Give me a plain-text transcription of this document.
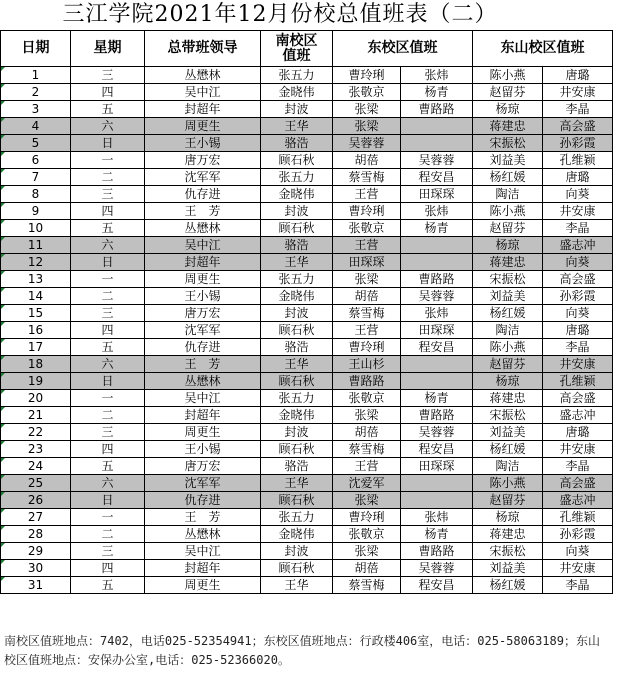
三江学院2021年12月份校总值班表（二）
日期	星期	总带班领导	南校区
值班	东校区值班		东山校区值班	
1	三	丛懋林	张五力	曹玲琍	张炜	陈小燕	唐璐
2	四	吴中江	金晓伟	张敬京	杨青	赵留芬	井安康
3	五	封超年	封波	张梁	曹路路	杨琼	李晶
4	六	周更生	王华	张梁		蒋建忠	高会盛
5	日	王小锡	骆浩	吴蓉蓉		宋振松	孙彩霞
6	一	唐万宏	顾石秋	胡蓓	吴蓉蓉	刘益美	孔维颖
7	二	沈军军	张五力	蔡雪梅	程安昌	杨红媛	唐璐
8	三	仇存进	金晓伟	王营	田琛琛	陶洁	向葵
9	四	王　芳	封波	曹玲琍	张炜	陈小燕	井安康
10	五	丛懋林	顾石秋	张敬京	杨青	赵留芬	李晶
11	六	吴中江	骆浩	王营		杨琼	盛志冲
12	日	封超年	王华	田琛琛		蒋建忠	向葵
13	一	周更生	张五力	张梁	曹路路	宋振松	高会盛
14	二	王小锡	金晓伟	胡蓓	吴蓉蓉	刘益美	孙彩霞
15	三	唐万宏	封波	蔡雪梅	张炜	杨红媛	向葵
16	四	沈军军	顾石秋	王营	田琛琛	陶洁	唐璐
17	五	仇存进	骆浩	曹玲琍	程安昌	陈小燕	李晶
18	六	王　芳	王华	王山杉		赵留芬	井安康
19	日	丛懋林	顾石秋	曹路路		杨琼	孔维颖
20	一	吴中江	张五力	张敬京	杨青	蒋建忠	高会盛
21	二	封超年	金晓伟	张梁	曹路路	宋振松	盛志冲
22	三	周更生	封波	胡蓓	吴蓉蓉	刘益美	唐璐
23	四	王小锡	顾石秋	蔡雪梅	程安昌	杨红媛	井安康
24	五	唐万宏	骆浩	王营	田琛琛	陶洁	李晶
25	六	沈军军	王华	沈爱军		陈小燕	高会盛
26	日	仇存进	顾石秋	张梁		赵留芬	盛志冲
27	一	王　芳	张五力	曹玲琍	张炜	杨琼	孔维颖
28	二	丛懋林	金晓伟	张敬京	杨青	蒋建忠	孙彩霞
29	三	吴中江	封波	张梁	曹路路	宋振松	向葵
30	四	封超年	顾石秋	胡蓓	吴蓉蓉	刘益美	井安康
31	五	周更生	王华	蔡雪梅	程安昌	杨红媛	李晶
南校区值班地点：7402，电话025-52354941；东校区值班地点：行政楼406室，电话：025-58063189；东山校区值班地点：安保办公室,电话：025-52366020。
